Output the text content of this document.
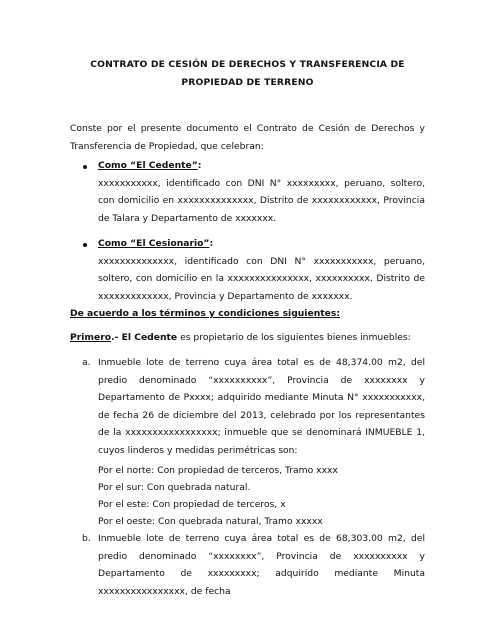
CONTRATO DE CESIÓN DE DERECHOS Y TRANSFERENCIA DE
PROPIEDAD DE TERRENO

Conste por el presente documento el Contrato de Cesión de Derechos y Transferencia de Propiedad, que celebran:

Como “El Cedente”:
xxxxxxxxxxx, identificado con DNI N° xxxxxxxxx, peruano, soltero, con domicilio en xxxxxxxxxxxxxx, Distrito de xxxxxxxxxxxx, Provincia de Talara y Departamento de xxxxxxx.
Como “El Cesionario”:
xxxxxxxxxxxxxx, identificado con DNI N° xxxxxxxxxxx, peruano, soltero, con domicilio en la xxxxxxxxxxxxxxx, xxxxxxxxxx, Distrito de xxxxxxxxxxxxx, Provincia y Departamento de xxxxxxx.
De acuerdo a los términos y condiciones siguientes:
Primero.- El Cedente es propietario de los siguientes bienes inmuebles:
a. Inmueble lote de terreno cuya área total es de 48,374.00 m2, del predio denominado “xxxxxxxxxx”, Provincia de xxxxxxxx y Departamento de Pxxxx; adquirido mediante Minuta N° xxxxxxxxxxx, de fecha 26 de diciembre del 2013, celebrado por los representantes de la xxxxxxxxxxxxxxxxx; inmueble que se denominará INMUEBLE 1, cuyos linderos y medidas perimétricas son:

Por el norte: Con propiedad de terceros, Tramo xxxx
Por el sur: Con quebrada natural.
Por el este: Con propiedad de terceros, x
Por el oeste: Con quebrada natural, Tramo xxxxx
b. Inmueble lote de terreno cuya área total es de 68,303.00 m2, del predio denominado “xxxxxxxx”, Provincia de xxxxxxxxxx y Departamento de xxxxxxxxx; adquirido mediante Minuta xxxxxxxxxxxxxxxx, de fecha
